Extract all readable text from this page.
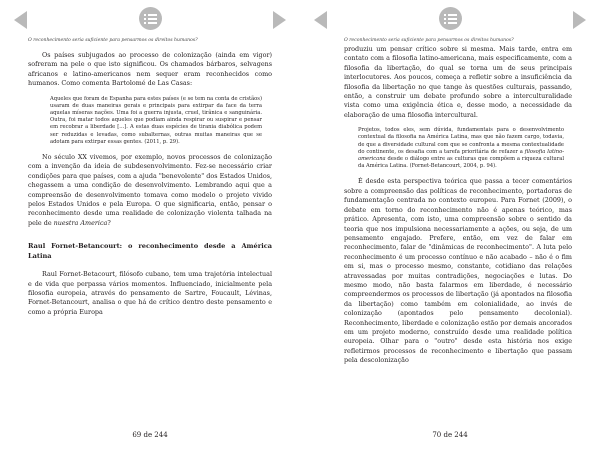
O reconhecimento seria suficiente para pensarmos os direitos humanos?

Os países subjugados ao processo de colonização (ainda em vigor) sofreram na pele o que isto significou. Os chamados bárbaros, selvagens africanos e latino-americanos nem sequer eram reconhecidos como humanos. Como comenta Bartolomé de Las Casas:

Aqueles que foram de Espanha para estes países (e se tem na conta de cristãos) usaram de duas maneiras gerais e principais para extirpar da face da terra aquelas míseras nações. Uma foi a guerra injusta, cruel, tirânica e sanguinária. Outra, foi matar todos aqueles que podiam ainda respirar ou suspirar e pensar em recobrar a liberdade [...]. A estas duas espécies de tirania diabólica podem ser reduzidas e levadas, como subalternas, outras muitas maneiras que se adotam para extirpar essas gentes. (2011, p. 29).

No século XX vivemos, por exemplo, novos processos de colonização com a invenção da ideia de subdesenvolvimento. Fez-se necessário criar condições para que países, com a ajuda "benevolente" dos Estados Unidos, chegassem a uma condição de desenvolvimento. Lembrando aqui que a compreensão de desenvolvimento tomava como modelo o projeto vivido pelos Estados Unidos e pela Europa. O que significaria, então, pensar o reconhecimento desde uma realidade de colonização violenta talhada na pele de nuestra America?

Raul Fornet-Betancourt: o reconhecimento desde a América Latina

Raul Fornet-Betacourt, filósofo cubano, tem uma trajetória intelectual e de vida que perpassa vários momentos. Influenciado, inicialmente pela filosofia europeia, através do pensamento de Sartre, Foucault, Lévinas, Fornet-Betancourt, analisa o que há de crítico dentro deste pensamento e como a própria Europa

69 de 244
O reconhecimento seria suficiente para pensarmos os direitos humanos?

produziu um pensar crítico sobre si mesma. Mais tarde, entra em contato com a filosofia latino-americana, mais especificamente, com a filosofia da libertação, do qual se torna um de seus principais interlocutores. Aos poucos, começa a refletir sobre a insuficiência da filosofia da libertação no que tange às questões culturais, passando, então, a construir um debate profundo sobre a interculturalidade vista como uma exigência ética e, desse modo, a necessidade da elaboração de uma filosofia intercultural.

Projetos, todos eles, sem dúvida, fundamentais para o desenvolvimento contextual da filosofia na América Latina, mas que não fazem cargo, todavia, de que a diversidade cultural com que se confronta a mesma contextualidade do continente, os desafia com a tarefa prioritária de refazer a filosofia latino-americana desde o diálogo entre as culturas que compõem a riqueza cultural da América Latina. (Fornet-Betancourt, 2004, p. 94).

É desde esta perspectiva teórica que passa a tecer comentários sobre a compreensão das políticas de reconhecimento, portadoras de fundamentação centrada no contexto europeu. Para Fornet (2009), o debate em torno do reconhecimento não é apenas teórico, mas prático. Apresenta, com isto, uma compreensão sobre o sentido da teoria que nos impulsiona necessariamente a ações, ou seja, de um pensamento engajado. Prefere, então, em vez de falar em reconhecimento, falar de "dinâmicas de reconhecimento". A luta pelo reconhecimento é um processo contínuo e não acabado – não é o fim em si, mas o processo mesmo, constante, cotidiano das relações atravessadas por muitas contradições, negociações e lutas. Do mesmo modo, não basta falarmos em liberdade, é necessário compreendermos os processos de libertação (já apontados na filosofia da libertação) como também em colonialidade, ao invés de colonização (apontados pelo pensamento decolonial). Reconhecimento, liberdade e colonização estão por demais ancorados em um projeto moderno, construído desde uma realidade política europeia. Olhar para o "outro" desde esta história nos exige refletirmos processos de reconhecimento e libertação que passam pela descolonização

70 de 244
